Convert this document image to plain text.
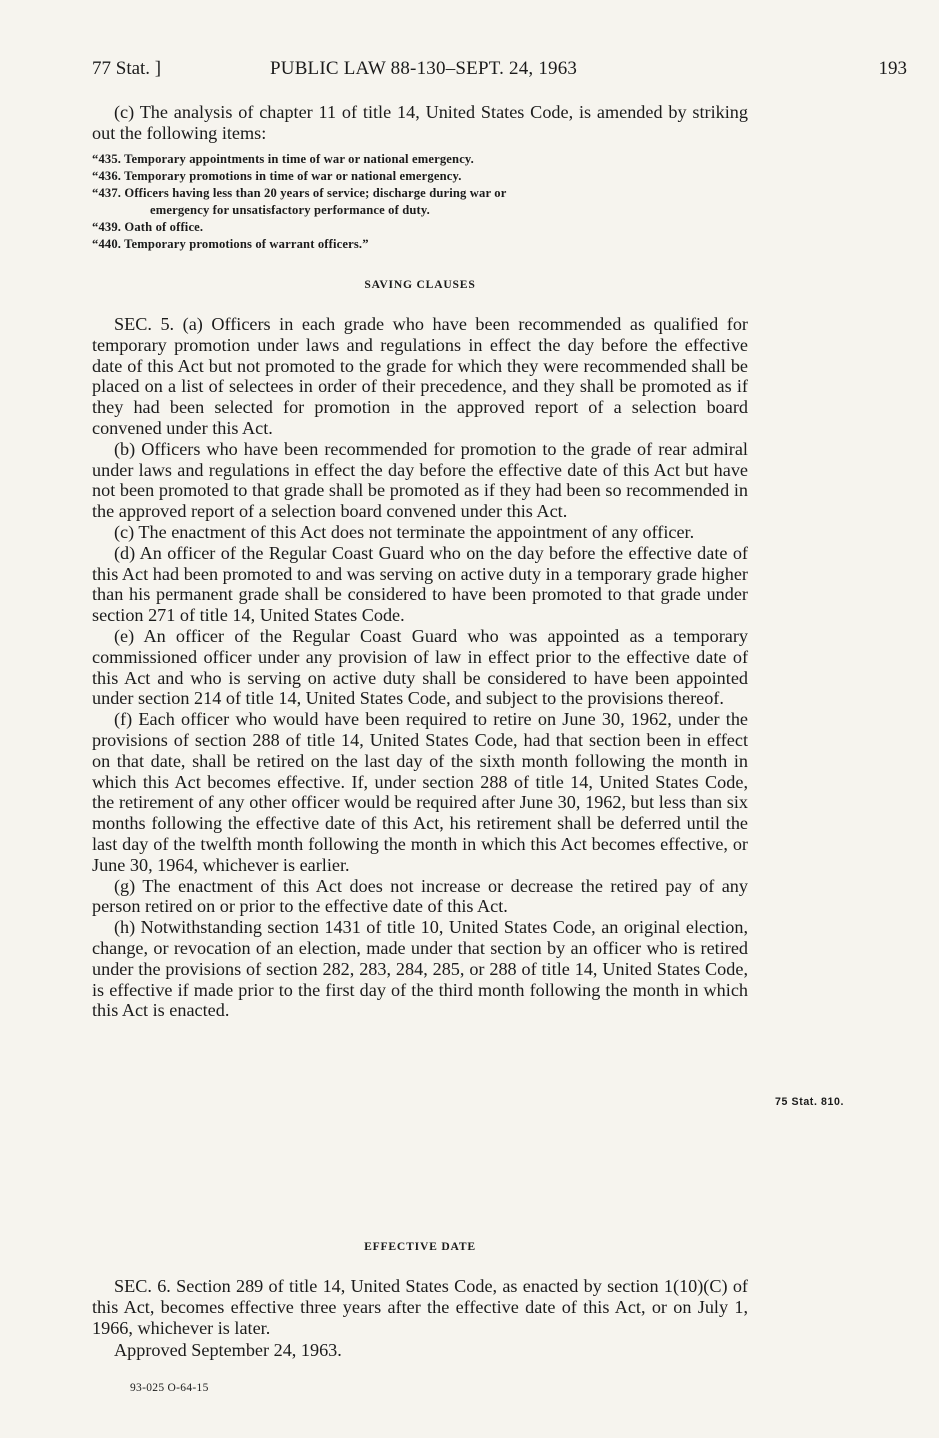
77 Stat. ]	PUBLIC LAW 88-130–SEPT. 24, 1963	193

(c) The analysis of chapter 11 of title 14, United States Code, is amended by striking out the following items:

“435. Temporary appointments in time of war or national emergency.

“436. Temporary promotions in time of war or national emergency.

“437. Officers having less than 20 years of service; discharge during war or

emergency for unsatisfactory performance of duty.

“439. Oath of office.

“440. Temporary promotions of warrant officers.”

SAVING CLAUSES

SEC. 5. (a) Officers in each grade who have been recommended as qualified for temporary promotion under laws and regulations in effect the day before the effective date of this Act but not promoted to the grade for which they were recommended shall be placed on a list of selectees in order of their precedence, and they shall be promoted as if they had been selected for promotion in the approved report of a selection board convened under this Act.

(b) Officers who have been recommended for promotion to the grade of rear admiral under laws and regulations in effect the day before the effective date of this Act but have not been promoted to that grade shall be promoted as if they had been so recommended in the approved report of a selection board convened under this Act.

(c) The enactment of this Act does not terminate the appointment of any officer.

(d) An officer of the Regular Coast Guard who on the day before the effective date of this Act had been promoted to and was serving on active duty in a temporary grade higher than his permanent grade shall be considered to have been promoted to that grade under section 271 of title 14, United States Code.

(e) An officer of the Regular Coast Guard who was appointed as a temporary commissioned officer under any provision of law in effect prior to the effective date of this Act and who is serving on active duty shall be considered to have been appointed under section 214 of title 14, United States Code, and subject to the provisions thereof.

(f) Each officer who would have been required to retire on June 30, 1962, under the provisions of section 288 of title 14, United States Code, had that section been in effect on that date, shall be retired on the last day of the sixth month following the month in which this Act becomes effective. If, under section 288 of title 14, United States Code, the retirement of any other officer would be required after June 30, 1962, but less than six months following the effective date of this Act, his retirement shall be deferred until the last day of the twelfth month following the month in which this Act becomes effective, or June 30, 1964, whichever is earlier.

(g) The enactment of this Act does not increase or decrease the retired pay of any person retired on or prior to the effective date of this Act.

(h) Notwithstanding section 1431 of title 10, United States Code, an original election, change, or revocation of an election, made under that section by an officer who is retired under the provisions of section 282, 283, 284, 285, or 288 of title 14, United States Code, is effective if made prior to the first day of the third month following the month in which this Act is enacted.

75 Stat. 810.
EFFECTIVE DATE

SEC. 6. Section 289 of title 14, United States Code, as enacted by section 1(10)(C) of this Act, becomes effective three years after the effective date of this Act, or on July 1, 1966, whichever is later.

Approved September 24, 1963.
93-025 O-64-15
